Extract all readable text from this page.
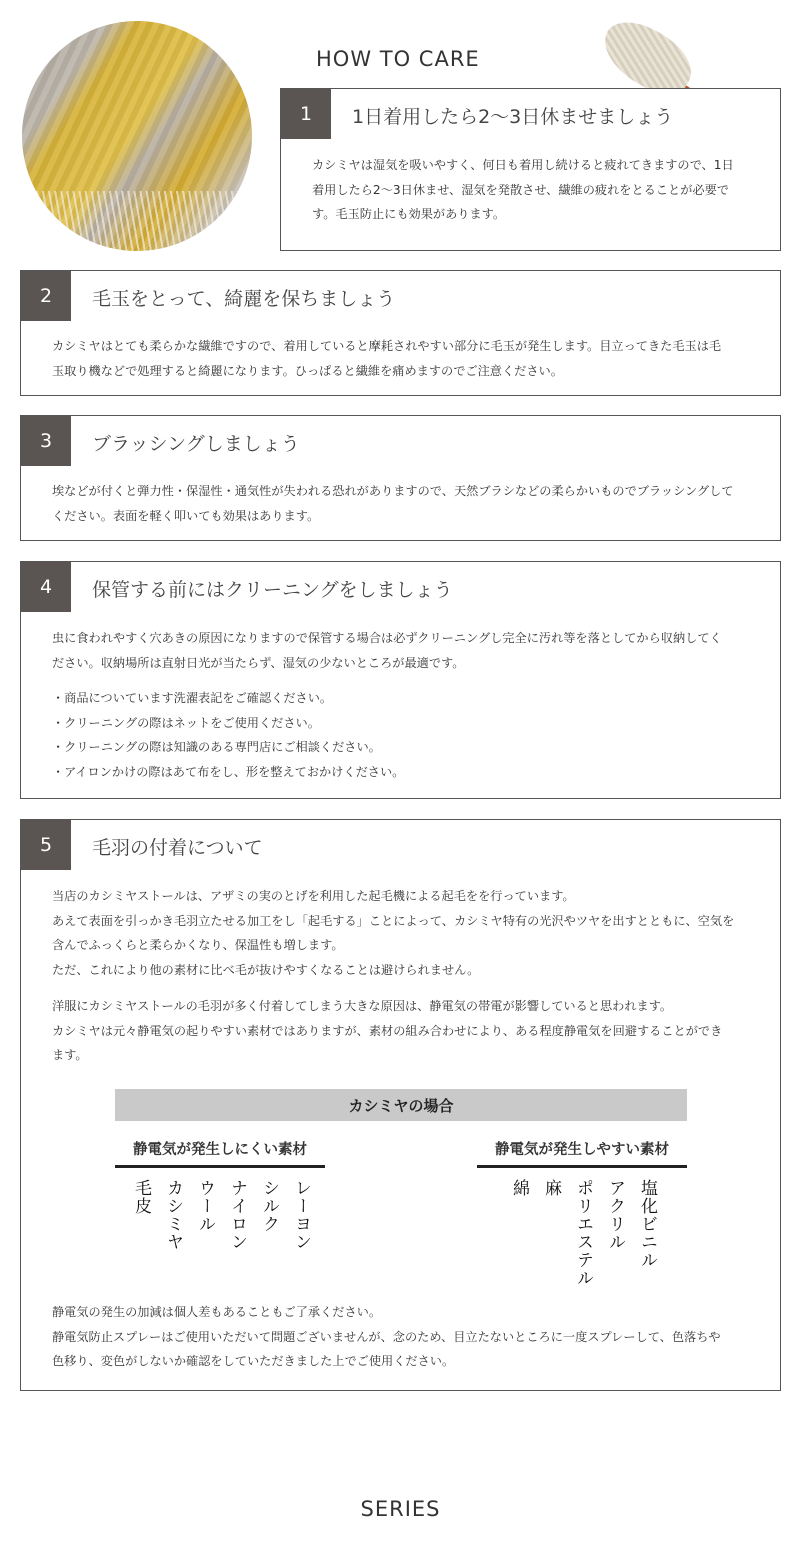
HOW TO CARE
1	1日着用したら2〜3日休ませましょう

カシミヤは湿気を吸いやすく、何日も着用し続けると疲れてきますので、1日

着用したら2〜3日休ませ、湿気を発散させ、繊維の疲れをとることが必要で

す。毛玉防止にも効果があります。

2	毛玉をとって、綺麗を保ちましょう

カシミヤはとても柔らかな繊維ですので、着用していると摩耗されやすい部分に毛玉が発生します。目立ってきた毛玉は毛

玉取り機などで処理すると綺麗になります。ひっぱると繊維を痛めますのでご注意ください。

3	ブラッシングしましょう

埃などが付くと弾力性・保湿性・通気性が失われる恐れがありますので、天然ブラシなどの柔らかいものでブラッシングして

ください。表面を軽く叩いても効果はあります。

4	保管する前にはクリーニングをしましょう

虫に食われやすく穴あきの原因になりますので保管する場合は必ずクリーニングし完全に汚れ等を落としてから収納してく

ださい。収納場所は直射日光が当たらず、湿気の少ないところが最適です。

・商品についています洗濯表記をご確認ください。

・クリーニングの際はネットをご使用ください。

・クリーニングの際は知識のある専門店にご相談ください。

・アイロンかけの際はあて布をし、形を整えておかけください。

5	毛羽の付着について

当店のカシミヤストールは、アザミの実のとげを利用した起毛機による起毛をを行っています。

あえて表面を引っかき毛羽立たせる加工をし「起毛する」ことによって、カシミヤ特有の光沢やツヤを出すとともに、空気を

含んでふっくらと柔らかくなり、保温性も増します。

ただ、これにより他の素材に比べ毛が抜けやすくなることは避けられません。

洋服にカシミヤストールの毛羽が多く付着してしまう大きな原因は、静電気の帯電が影響していると思われます。

カシミヤは元々静電気の起りやすい素材ではありますが、素材の組み合わせにより、ある程度静電気を回避することができ

ます。

カシミヤの場合
静電気が発生しにくい素材	静電気が発生しやすい素材
毛皮 カシミヤ ウール ナイロン シルク レーヨン	綿 麻 ポリエステル アクリル 塩化ビニル

静電気の発生の加減は個人差もあることもご了承ください。

静電気防止スプレーはご使用いただいて問題ございませんが、念のため、目立たないところに一度スプレーして、色落ちや

色移り、変色がしないか確認をしていただきました上でご使用ください。

SERIES
